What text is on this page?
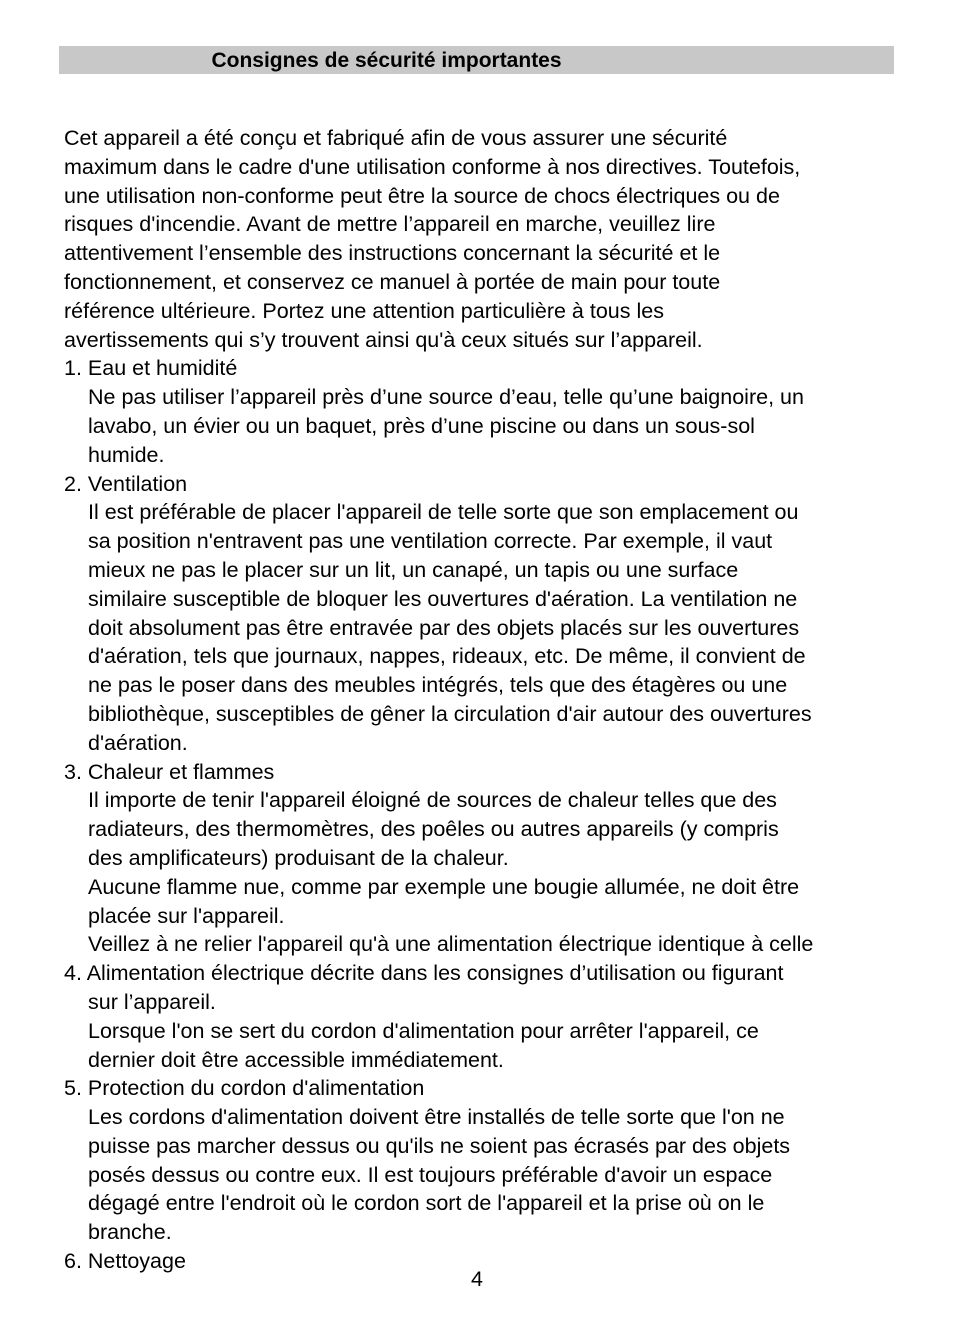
Consignes de sécurité importantes
Cet appareil a été conçu et fabriqué afin de vous assurer une sécurité
maximum dans le cadre d'une utilisation conforme à nos directives. Toutefois,
une utilisation non-conforme peut être la source de chocs électriques ou de
risques d'incendie. Avant de mettre l’appareil en marche, veuillez lire
attentivement l’ensemble des instructions concernant la sécurité et le
fonctionnement, et conservez ce manuel à portée de main pour toute
référence ultérieure. Portez une attention particulière à tous les
avertissements qui s’y trouvent ainsi qu'à ceux situés sur l’appareil.
1. Eau et humidité
Ne pas utiliser l’appareil près d’une source d’eau, telle qu’une baignoire, un
lavabo, un évier ou un baquet, près d’une piscine ou dans un sous-sol
humide.
2. Ventilation
Il est préférable de placer l'appareil de telle sorte que son emplacement ou
sa position n'entravent pas une ventilation correcte. Par exemple, il vaut
mieux ne pas le placer sur un lit, un canapé, un tapis ou une surface
similaire susceptible de bloquer les ouvertures d'aération. La ventilation ne
doit absolument pas être entravée par des objets placés sur les ouvertures
d'aération, tels que journaux, nappes, rideaux, etc. De même, il convient de
ne pas le poser dans des meubles intégrés, tels que des étagères ou une
bibliothèque, susceptibles de gêner la circulation d'air autour des ouvertures
d'aération.
3. Chaleur et flammes
Il importe de tenir l'appareil éloigné de sources de chaleur telles que des
radiateurs, des thermomètres, des poêles ou autres appareils (y compris
des amplificateurs) produisant de la chaleur.
Aucune flamme nue, comme par exemple une bougie allumée, ne doit être
placée sur l'appareil.
Veillez à ne relier l'appareil qu'à une alimentation électrique identique à celle
4. Alimentation électrique décrite dans les consignes d’utilisation ou figurant
sur l’appareil.
Lorsque l'on se sert du cordon d'alimentation pour arrêter l'appareil, ce
dernier doit être accessible immédiatement.
5. Protection du cordon d'alimentation
Les cordons d'alimentation doivent être installés de telle sorte que l'on ne
puisse pas marcher dessus ou qu'ils ne soient pas écrasés par des objets
posés dessus ou contre eux. Il est toujours préférable d'avoir un espace
dégagé entre l'endroit où le cordon sort de l'appareil et la prise où on le
branche.
6. Nettoyage
4
